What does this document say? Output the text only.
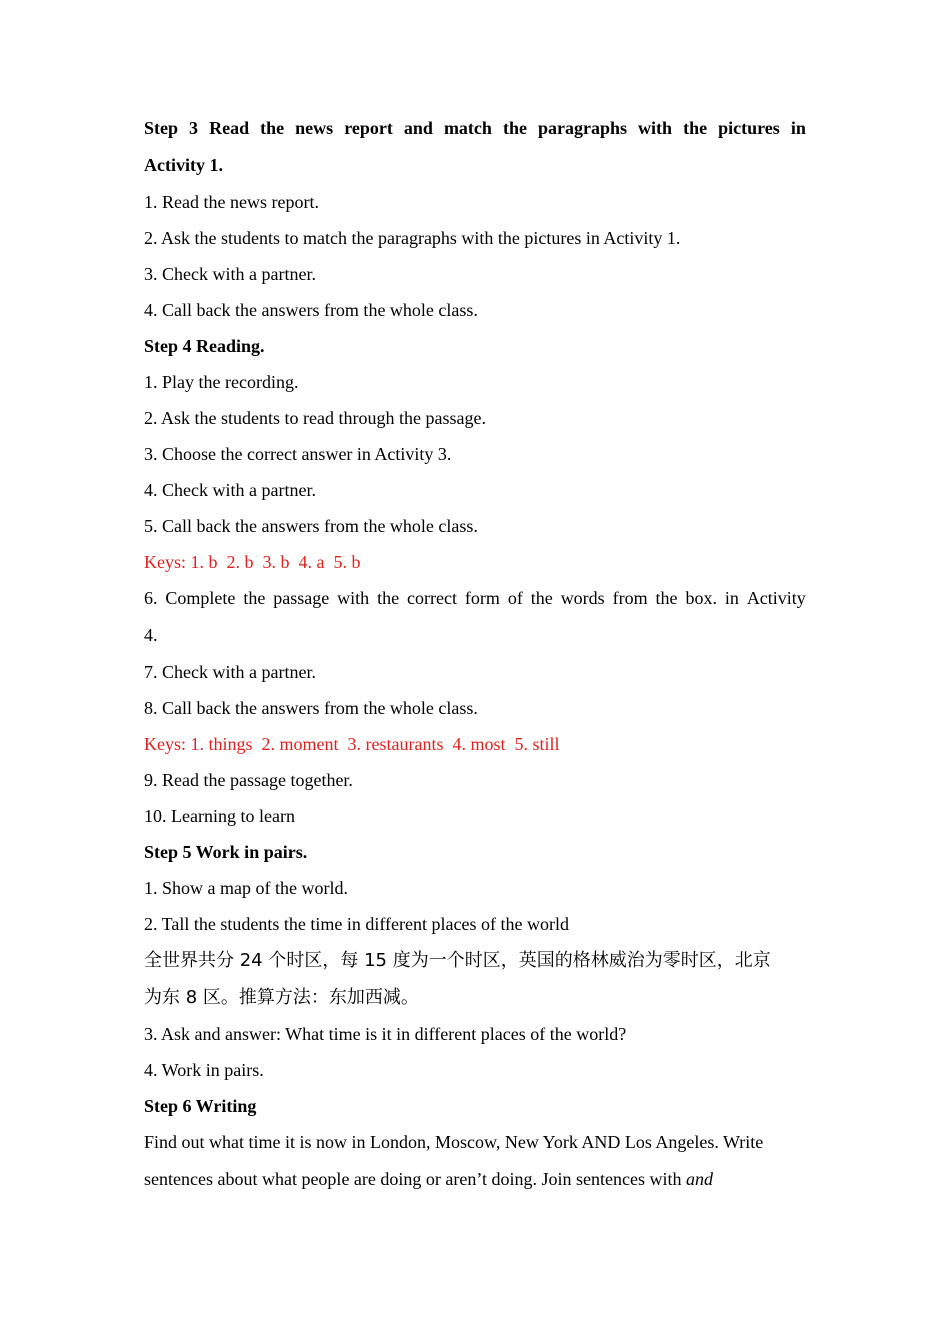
Step 3 Read the news report and match the paragraphs with the pictures in
Activity 1.
1. Read the news report.
2. Ask the students to match the paragraphs with the pictures in Activity 1.
3. Check with a partner.
4. Call back the answers from the whole class.
Step 4 Reading.
1. Play the recording.
2. Ask the students to read through the passage.
3. Choose the correct answer in Activity 3.
4. Check with a partner.
5. Call back the answers from the whole class.
Keys: 1. b  2. b  3. b  4. a  5. b
6. Complete the passage with the correct form of the words from the box. in Activity
4.
7. Check with a partner.
8. Call back the answers from the whole class.
Keys: 1. things  2. moment  3. restaurants  4. most  5. still
9. Read the passage together.
10. Learning to learn
Step 5 Work in pairs.
1. Show a map of the world.
2. Tall the students the time in different places of the world
全世界共分 24 个时区，每 15 度为一个时区，英国的格林威治为零时区，北京
为东 8 区。推算方法：东加西减。
3. Ask and answer: What time is it in different places of the world?
4. Work in pairs.
Step 6 Writing
Find out what time it is now in London, Moscow, New York AND Los Angeles. Write
sentences about what people are doing or aren’t doing. Join sentences with and
